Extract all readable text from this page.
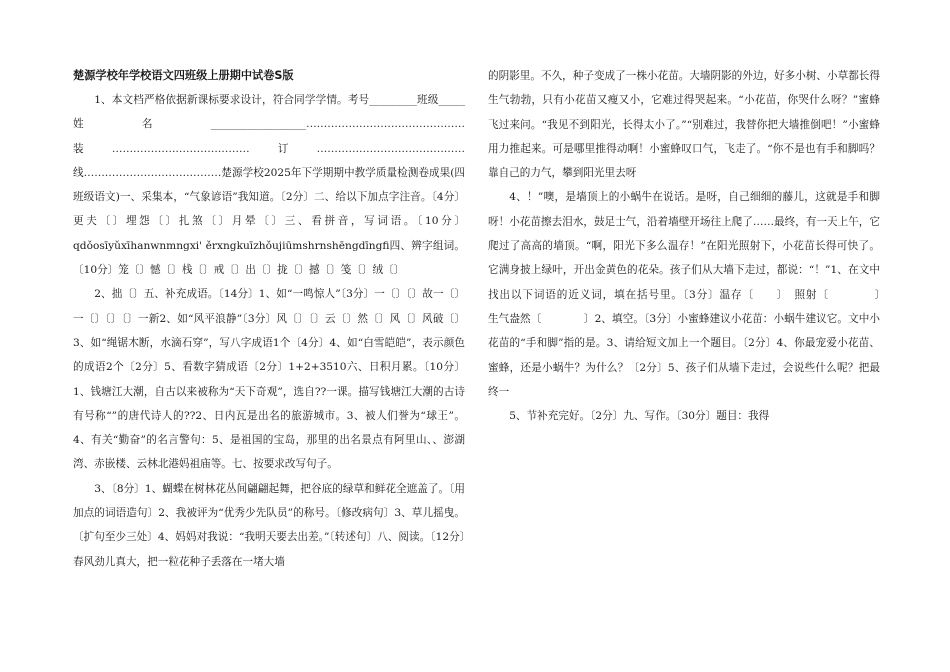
楚源学校年学校语文四班级上册期中试卷S版

1、本文档严格依据新课标要求设计，符合同学学情。考号_________班级_____姓名__________________………………………………………装…………………………………订……………………………………线…………………………………楚源学校2025年下学期期中教学质量检测卷成果(四班级语文)一、采集本，“气象谚语”我知道。〔2分〕二、给以下加点字注音。〔4分〕更夫〔〕埋怨〔〕扎煞〔〕月晕〔〕三、看拼音，写词语。〔10分〕qdǒosīyǔxīhanwnmngxi' ěrxngkuīzhǒujiūmshrnshēngdīngfi四、辨字组词。〔10分〕笼〔〕憾〔〕栈〔〕戒〔〕出〔〕拢〔〕撼〔〕笺〔〕绒〔〕

2、拙〔〕五、补充成语。〔14分〕1、如“一鸣惊人”〔3分〕一〔〕〔〕故一〔〕一〔〕〔〕〔〕一新2、如“风平浪静”〔3分〕风〔〕〔〕云〔〕然〔〕风〔〕风破〔〕3、如“绳锯木断，水滴石穿”，写八字成语1个〔4分〕4、如“白雪皑皑”，表示颜色的成语2个〔2分〕5、看数字猜成语〔2分〕1+2+3510六、日积月累。〔10分〕1、钱塘江大潮，自古以来被称为“天下奇观”，选自??一课。描写钱塘江大潮的古诗有号称“”的唐代诗人的??2、日内瓦是出名的旅游城市。3、被人们誉为“球王”。4、有关“勤奋”的名言警句：5、是祖国的宝岛，那里的出名景点有阿里山、、澎湖湾、赤嵌楼、云林北港妈祖庙等。七、按要求改写句子。

3、〔8分〕1、蝴蝶在树林花丛间翩翩起舞，把谷底的绿草和鲜花全遮盖了。〔用加点的词语造句〕2、我被评为“优秀少先队员”的称号。〔修改病句〕3、草儿摇曳。〔扩句至少三处〕4、妈妈对我说：“我明天要去出差。”〔转述句〕八、阅读。〔12分〕春风劲儿真大，把一粒花种子丢落在一堵大墙

的阴影里。不久，种子变成了一株小花苗。大墙阴影的外边，好多小树、小草都长得生气勃勃，只有小花苗又瘦又小，它难过得哭起来。“小花苗，你哭什么呀？”蜜蜂飞过来问。“我见不到阳光，长得太小了。”“别难过，我替你把大墙推倒吧！”小蜜蜂用力推起来。可是哪里推得动啊！小蜜蜂叹口气，飞走了。“你不是也有手和脚吗？靠自己的力气，攀到阳光里去呀

4、！”噢，是墙顶上的小蜗牛在说话。是呀，自己细细的藤儿，这就是手和脚呀！小花苗擦去泪水，鼓足士气，沿着墙壁开场往上爬了……最终，有一天上午，它爬过了高高的墙顶。“啊，阳光下多么温存！”在阳光照射下，小花苗长得可快了。它满身披上绿叶，开出金黄色的花朵。孩子们从大墙下走过，都说：“！”1、在文中找出以下词语的近义词，填在括号里。〔3分〕温存〔　　〕　照射〔　　　　〕　　生气盎然〔　　　　〕2、填空。〔3分〕小蜜蜂建议小花苗：小蜗牛建议它。文中小花苗的“手和脚”指的是。3、请给短文加上一个题目。〔2分〕4、你最宠爱小花苗、蜜蜂，还是小蜗牛？为什么？〔2分〕5、孩子们从墙下走过，会说些什么呢？把最终一

5、节补充完好。〔2分〕九、写作。〔30分〕题目：我得
